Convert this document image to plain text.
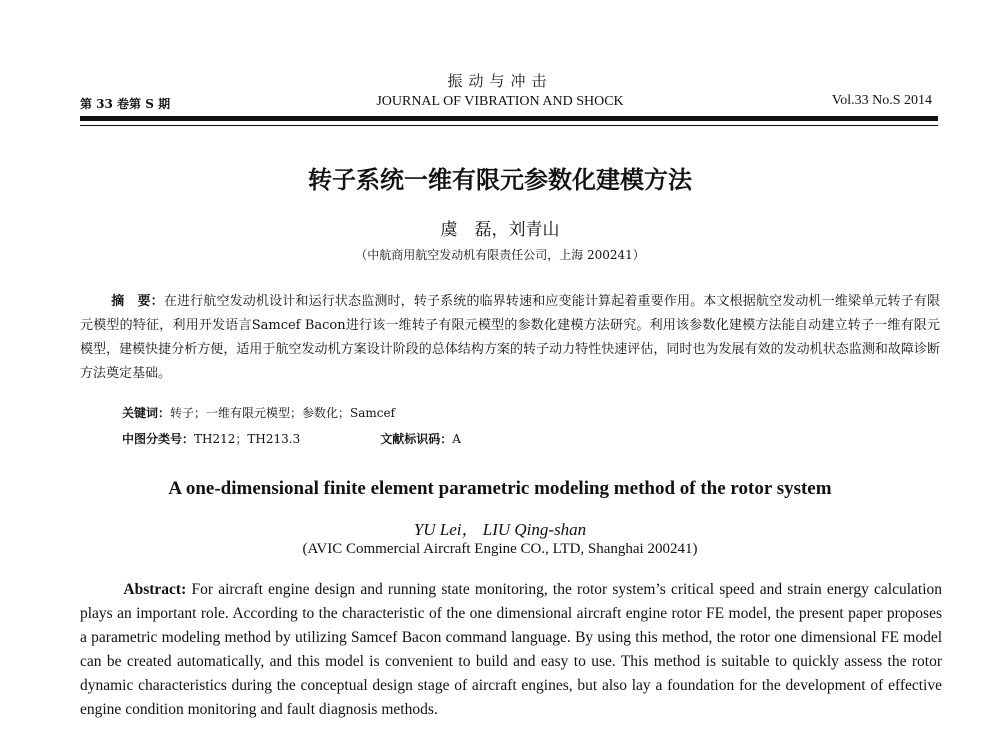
振动与冲击
第 33 卷第 S 期	JOURNAL OF VIBRATION AND SHOCK	Vol.33 No.S 2014
转子系统一维有限元参数化建模方法
虞　磊，刘青山
（中航商用航空发动机有限责任公司，上海 200241）

摘　要：在进行航空发动机设计和运行状态监测时，转子系统的临界转速和应变能计算起着重要作用。本文根据航空发动机一维梁单元转子有限元模型的特征，利用开发语言Samcef Bacon进行该一维转子有限元模型的参数化建模方法研究。利用该参数化建模方法能自动建立转子一维有限元模型，建模快捷分析方便，适用于航空发动机方案设计阶段的总体结构方案的转子动力特性快速评估，同时也为发展有效的发动机状态监测和故障诊断方法奠定基础。

关键词：转子；一维有限元模型；参数化；Samcef
中图分类号：TH212；TH213.3	文献标识码：A
A one-dimensional finite element parametric modeling method of the rotor system
YU Lei， LIU Qing-shan
(AVIC Commercial Aircraft Engine CO., LTD, Shanghai 200241)

Abstract: For aircraft engine design and running state monitoring, the rotor system’s critical speed and strain energy calculation plays an important role. According to the characteristic of the one dimensional aircraft engine rotor FE model, the present paper proposes a parametric modeling method by utilizing Samcef Bacon command language. By using this method, the rotor one dimensional FE model can be created automatically, and this model is convenient to build and easy to use. This method is suitable to quickly assess the rotor dynamic characteristics during the conceptual design stage of aircraft engines, but also lay a foundation for the development of effective engine condition monitoring and fault diagnosis methods.
